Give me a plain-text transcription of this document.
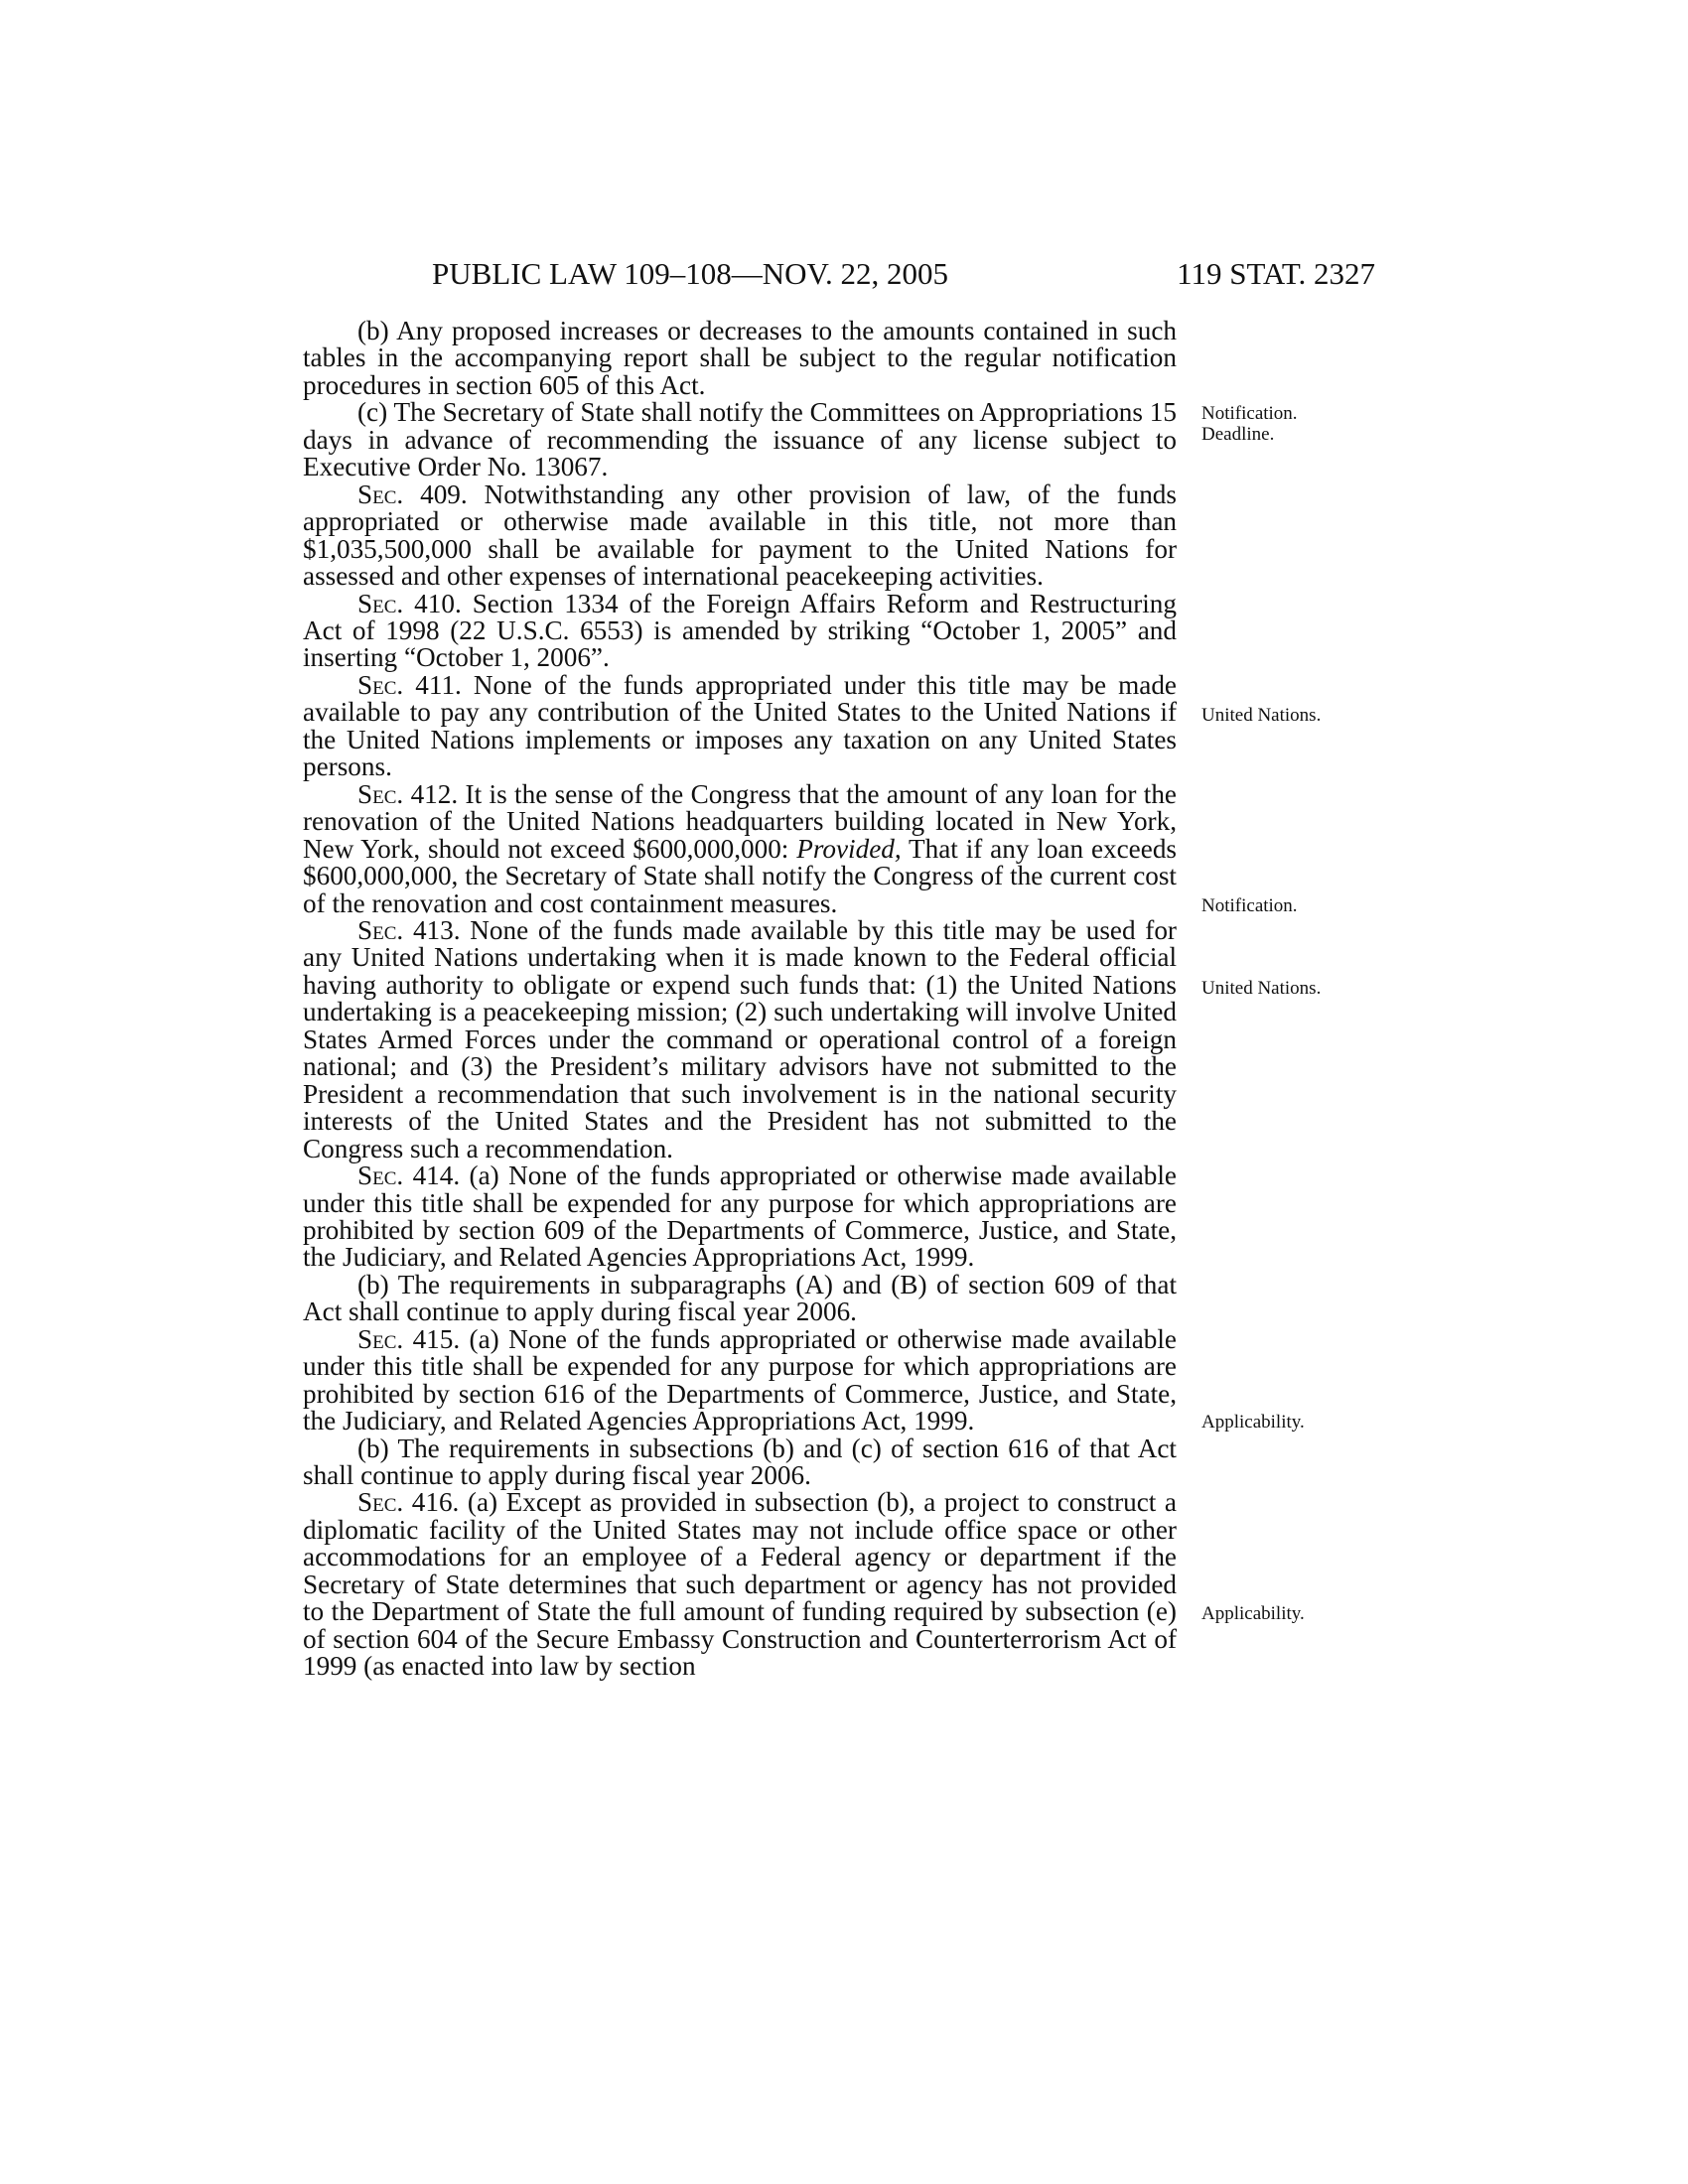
PUBLIC LAW 109–108—NOV. 22, 2005	119 STAT. 2327

(b) Any proposed increases or decreases to the amounts contained in such tables in the accompanying report shall be subject to the regular notification procedures in section 605 of this Act.

(c) The Secretary of State shall notify the Committees on Appropriations 15 days in advance of recommending the issuance of any license subject to Executive Order No. 13067.

Sec. 409. Notwithstanding any other provision of law, of the funds appropriated or otherwise made available in this title, not more than $1,035,500,000 shall be available for payment to the United Nations for assessed and other expenses of international peacekeeping activities.

Sec. 410. Section 1334 of the Foreign Affairs Reform and Restructuring Act of 1998 (22 U.S.C. 6553) is amended by striking “October 1, 2005” and inserting “October 1, 2006”.

Sec. 411. None of the funds appropriated under this title may be made available to pay any contribution of the United States to the United Nations if the United Nations implements or imposes any taxation on any United States persons.

Sec. 412. It is the sense of the Congress that the amount of any loan for the renovation of the United Nations headquarters building located in New York, New York, should not exceed $600,000,000: Provided, That if any loan exceeds $600,000,000, the Secretary of State shall notify the Congress of the current cost of the renovation and cost containment measures.

Sec. 413. None of the funds made available by this title may be used for any United Nations undertaking when it is made known to the Federal official having authority to obligate or expend such funds that: (1) the United Nations undertaking is a peacekeeping mission; (2) such undertaking will involve United States Armed Forces under the command or operational control of a foreign national; and (3) the President’s military advisors have not submitted to the President a recommendation that such involvement is in the national security interests of the United States and the President has not submitted to the Congress such a recommendation.

Sec. 414. (a) None of the funds appropriated or otherwise made available under this title shall be expended for any purpose for which appropriations are prohibited by section 609 of the Departments of Commerce, Justice, and State, the Judiciary, and Related Agencies Appropriations Act, 1999.

(b) The requirements in subparagraphs (A) and (B) of section 609 of that Act shall continue to apply during fiscal year 2006.

Sec. 415. (a) None of the funds appropriated or otherwise made available under this title shall be expended for any purpose for which appropriations are prohibited by section 616 of the Departments of Commerce, Justice, and State, the Judiciary, and Related Agencies Appropriations Act, 1999.

(b) The requirements in subsections (b) and (c) of section 616 of that Act shall continue to apply during fiscal year 2006.

Sec. 416. (a) Except as provided in subsection (b), a project to construct a diplomatic facility of the United States may not include office space or other accommodations for an employee of a Federal agency or department if the Secretary of State determines that such department or agency has not provided to the Department of State the full amount of funding required by subsection (e) of section 604 of the Secure Embassy Construction and Counterterrorism Act of 1999 (as enacted into law by section

Notification.
Deadline.
United Nations.
Notification.
United Nations.
Applicability.
Applicability.
